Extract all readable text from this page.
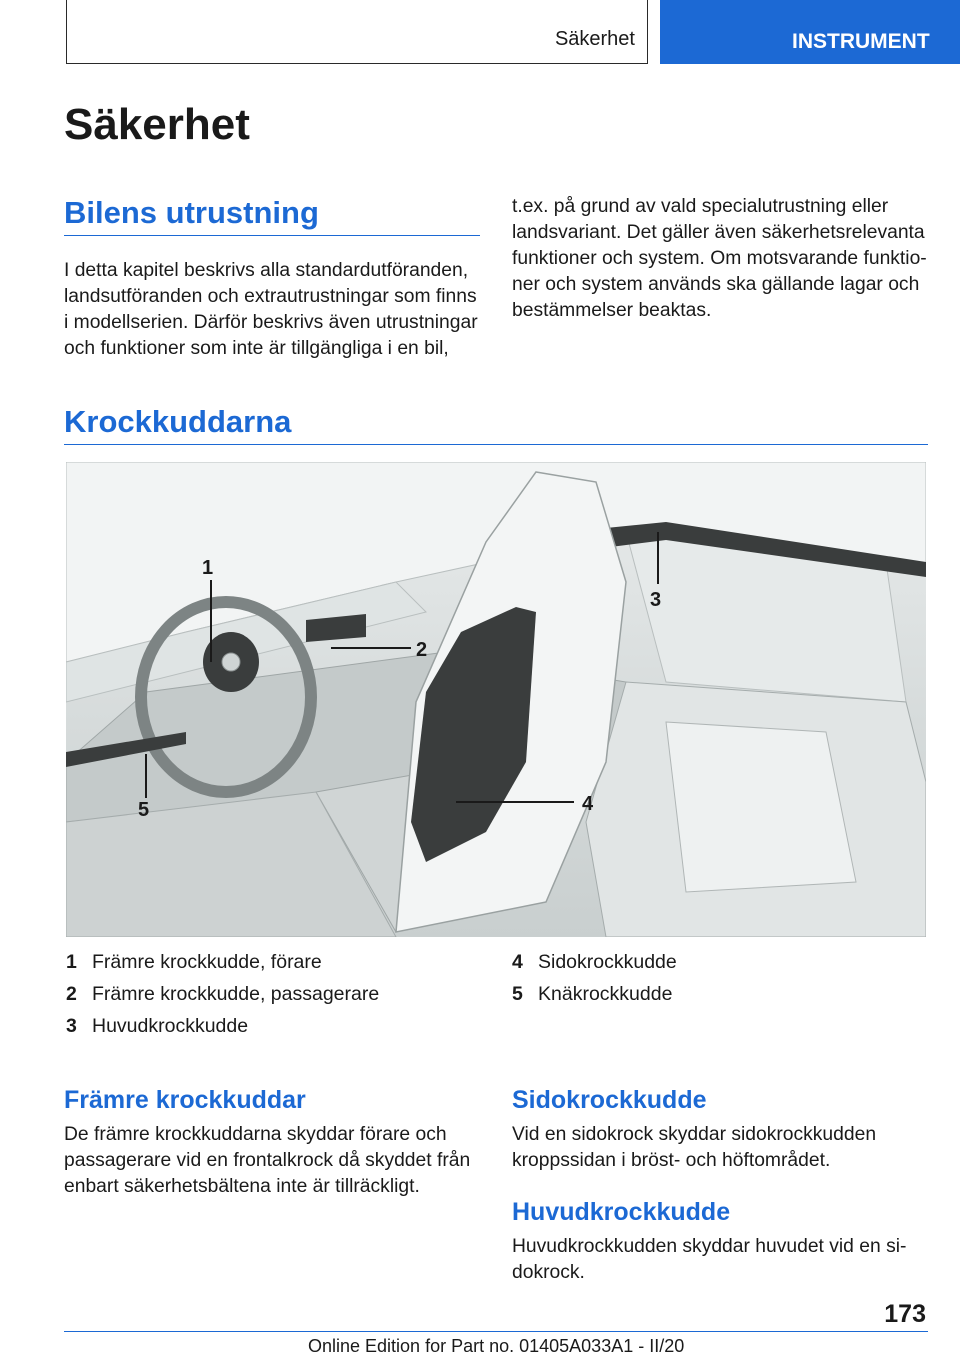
Säkerhet	INSTRUMENT
Säkerhet
Bilens utrustning

I detta kapitel beskrivs alla standardutföranden,
landsutföranden och extrautrustningar som finns
i modellserien. Därför beskrivs även utrustningar
och funktioner som inte är tillgängliga i en bil,

t.ex. på grund av vald specialutrustning eller
landsvariant. Det gäller även säkerhetsrelevanta
funktioner och system. Om motsvarande funktio-
ner och system används ska gällande lagar och
bestämmelser beaktas.

Krockkuddarna
1
2
3
4
5
1 Främre krockkudde, förare
2 Främre krockkudde, passagerare
3 Huvudkrockkudde
4 Sidokrockkudde
5 Knäkrockkudde
Främre krockkuddar

De främre krockkuddarna skyddar förare och
passagerare vid en frontalkrock då skyddet från
enbart säkerhetsbältena inte är tillräckligt.

Sidokrockkudde

Vid en sidokrock skyddar sidokrockkudden
kroppssidan i bröst- och höftområdet.

Huvudkrockkudde

Huvudkrockkudden skyddar huvudet vid en si-
dokrock.

173
Online Edition for Part no. 01405A033A1 - II/20
